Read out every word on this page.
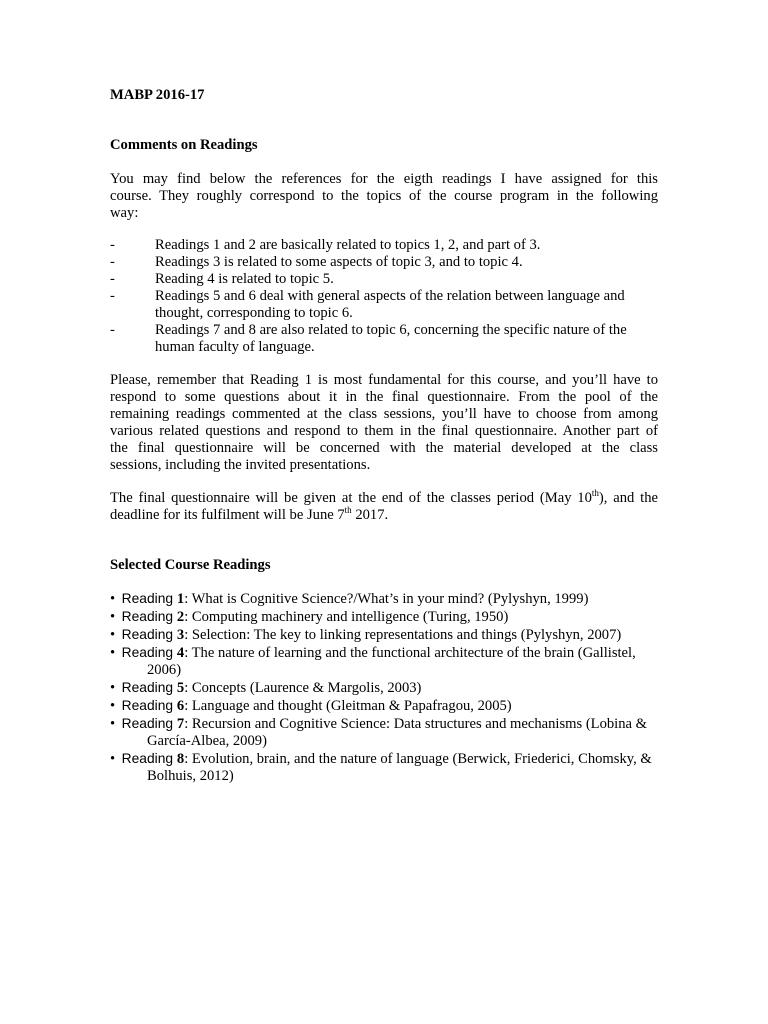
MABP 2016-17
Comments on Readings
You may find below the references for the eigth readings I have assigned for this
course. They roughly correspond to the topics of the course program in the following
way:
- Readings 1 and 2 are basically related to topics 1, 2, and part of 3.
- Readings 3 is related to some aspects of topic 3, and to topic 4.
- Reading 4 is related to topic 5.
- Readings 5 and 6 deal with general aspects of the relation between language and thought, corresponding to topic 6.
- Readings 7 and 8 are also related to topic 6, concerning the specific nature of the human faculty of language.
Please, remember that Reading 1 is most fundamental for this course, and you’ll have to
respond to some questions about it in the final questionnaire. From the pool of the
remaining readings commented at the class sessions, you’ll have to choose from among
various related questions and respond to them in the final questionnaire. Another part of
the final questionnaire will be concerned with the material developed at the class
sessions, including the invited presentations.
The final questionnaire will be given at the end of the classes period (May 10th), and the
deadline for its fulfilment will be June 7th 2017.
Selected Course Readings
• Reading 1: What is Cognitive Science?/What’s in your mind? (Pylyshyn, 1999)
• Reading 2: Computing machinery and intelligence (Turing, 1950)
• Reading 3: Selection: The key to linking representations and things (Pylyshyn, 2007)
• Reading 4: The nature of learning and the functional architecture of the brain (Gallistel, 2006)
• Reading 5: Concepts (Laurence & Margolis, 2003)
• Reading 6: Language and thought (Gleitman & Papafragou, 2005)
• Reading 7: Recursion and Cognitive Science: Data structures and mechanisms (Lobina & García-Albea, 2009)
• Reading 8: Evolution, brain, and the nature of language (Berwick, Friederici, Chomsky, & Bolhuis, 2012)
